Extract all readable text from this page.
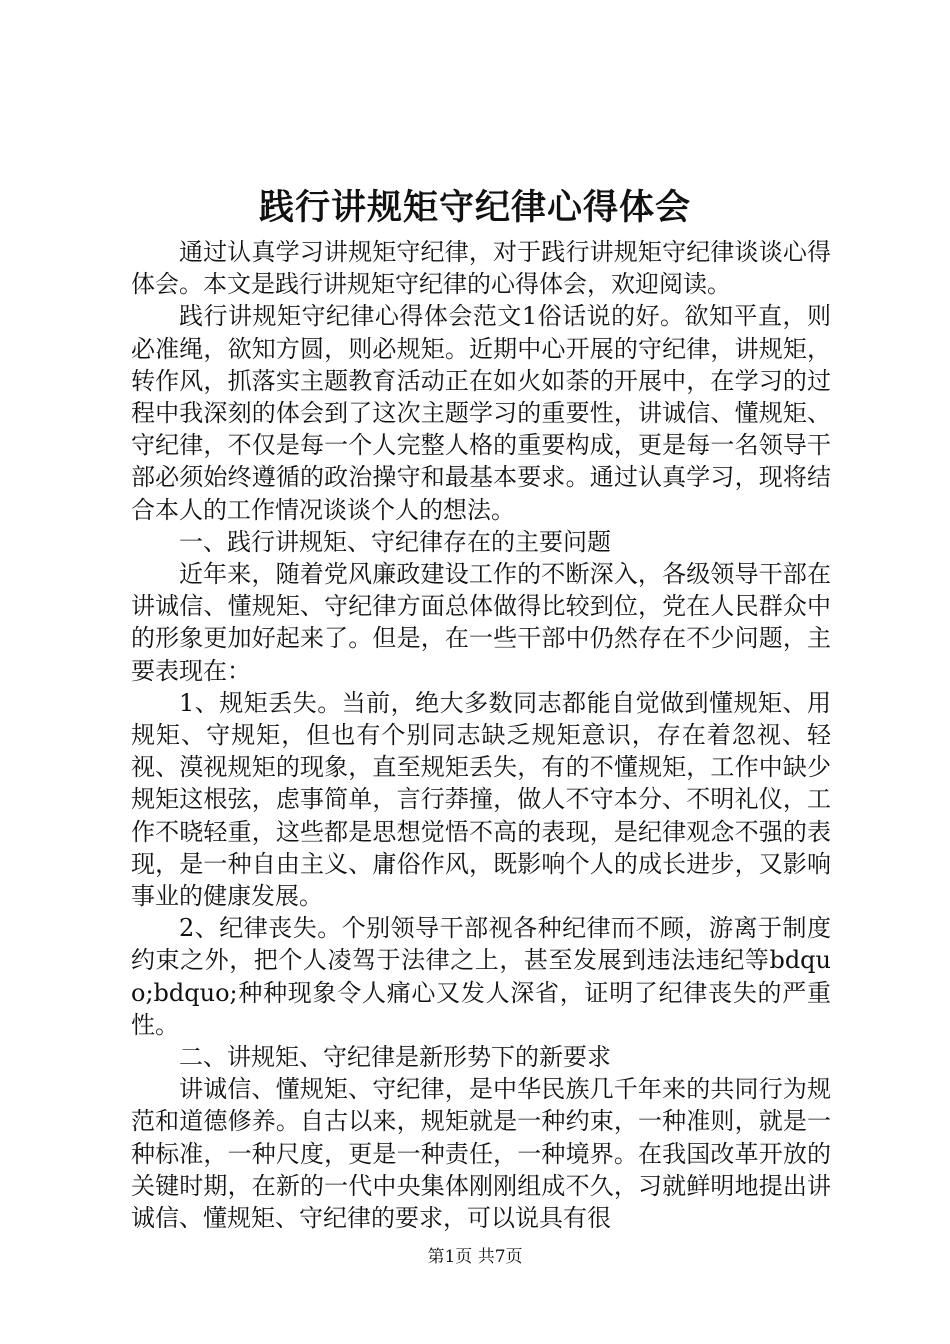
践行讲规矩守纪律心得体会

通过认真学习讲规矩守纪律，对于践行讲规矩守纪律谈谈心得体会。本文是践行讲规矩守纪律的心得体会，欢迎阅读。

践行讲规矩守纪律心得体会范文1俗话说的好。欲知平直，则必准绳，欲知方圆，则必规矩。近期中心开展的守纪律，讲规矩，转作风，抓落实主题教育活动正在如火如荼的开展中，在学习的过程中我深刻的体会到了这次主题学习的重要性，讲诚信、懂规矩、守纪律，不仅是每一个人完整人格的重要构成，更是每一名领导干部必须始终遵循的政治操守和最基本要求。通过认真学习，现将结合本人的工作情况谈谈个人的想法。

一、践行讲规矩、守纪律存在的主要问题

近年来，随着党风廉政建设工作的不断深入，各级领导干部在讲诚信、懂规矩、守纪律方面总体做得比较到位，党在人民群众中的形象更加好起来了。但是，在一些干部中仍然存在不少问题，主要表现在：

1、规矩丢失。当前，绝大多数同志都能自觉做到懂规矩、用规矩、守规矩，但也有个别同志缺乏规矩意识，存在着忽视、轻视、漠视规矩的现象，直至规矩丢失，有的不懂规矩，工作中缺少规矩这根弦，虑事简单，言行莽撞，做人不守本分、不明礼仪，工作不晓轻重，这些都是思想觉悟不高的表现，是纪律观念不强的表现，是一种自由主义、庸俗作风，既影响个人的成长进步，又影响事业的健康发展。

2、纪律丧失。个别领导干部视各种纪律而不顾，游离于制度约束之外，把个人凌驾于法律之上，甚至发展到违法违纪等bdquo;bdquo;种种现象令人痛心又发人深省，证明了纪律丧失的严重性。

二、讲规矩、守纪律是新形势下的新要求

讲诚信、懂规矩、守纪律，是中华民族几千年来的共同行为规范和道德修养。自古以来，规矩就是一种约束，一种准则，就是一种标准，一种尺度，更是一种责任，一种境界。在我国改革开放的关键时期，在新的一代中央集体刚刚组成不久，习就鲜明地提出讲诚信、懂规矩、守纪律的要求，可以说具有很

第1页 共7页
